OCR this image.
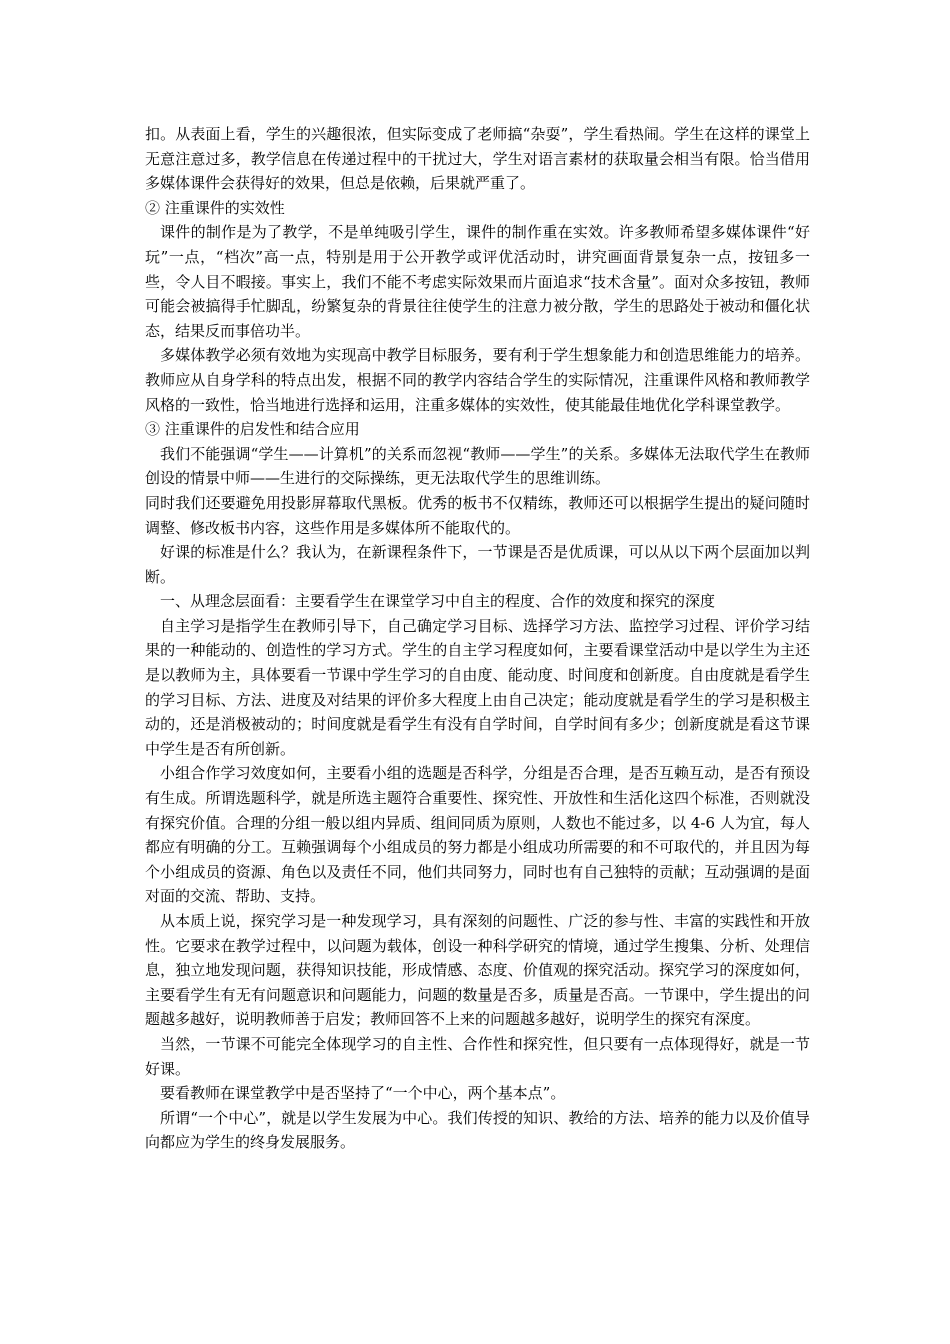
扣。从表面上看，学生的兴趣很浓，但实际变成了老师搞“杂耍”，学生看热闹。学生在这样的课堂上无意注意过多，教学信息在传递过程中的干扰过大，学生对语言素材的获取量会相当有限。恰当借用多媒体课件会获得好的效果，但总是依赖，后果就严重了。

② 注重课件的实效性

课件的制作是为了教学，不是单纯吸引学生，课件的制作重在实效。许多教师希望多媒体课件“好玩”一点，“档次”高一点，特别是用于公开教学或评优活动时，讲究画面背景复杂一点，按钮多一些，令人目不暇接。事实上，我们不能不考虑实际效果而片面追求“技术含量”。面对众多按钮，教师可能会被搞得手忙脚乱，纷繁复杂的背景往往使学生的注意力被分散，学生的思路处于被动和僵化状态，结果反而事倍功半。

多媒体教学必须有效地为实现高中教学目标服务，要有利于学生想象能力和创造思维能力的培养。教师应从自身学科的特点出发，根据不同的教学内容结合学生的实际情况，注重课件风格和教师教学风格的一致性，恰当地进行选择和运用，注重多媒体的实效性，使其能最佳地优化学科课堂教学。

③ 注重课件的启发性和结合应用

我们不能强调“学生——计算机”的关系而忽视“教师——学生”的关系。多媒体无法取代学生在教师创设的情景中师——生进行的交际操练，更无法取代学生的思维训练。

同时我们还要避免用投影屏幕取代黑板。优秀的板书不仅精练，教师还可以根据学生提出的疑问随时调整、修改板书内容，这些作用是多媒体所不能取代的。

好课的标准是什么？我认为，在新课程条件下，一节课是否是优质课，可以从以下两个层面加以判断。

一、从理念层面看：主要看学生在课堂学习中自主的程度、合作的效度和探究的深度

自主学习是指学生在教师引导下，自己确定学习目标、选择学习方法、监控学习过程、评价学习结果的一种能动的、创造性的学习方式。学生的自主学习程度如何，主要看课堂活动中是以学生为主还是以教师为主，具体要看一节课中学生学习的自由度、能动度、时间度和创新度。自由度就是看学生的学习目标、方法、进度及对结果的评价多大程度上由自己决定；能动度就是看学生的学习是积极主动的，还是消极被动的；时间度就是看学生有没有自学时间，自学时间有多少；创新度就是看这节课中学生是否有所创新。

小组合作学习效度如何，主要看小组的选题是否科学，分组是否合理，是否互赖互动，是否有预设有生成。所谓选题科学，就是所选主题符合重要性、探究性、开放性和生活化这四个标准，否则就没有探究价值。合理的分组一般以组内异质、组间同质为原则，人数也不能过多，以 4-6 人为宜，每人都应有明确的分工。互赖强调每个小组成员的努力都是小组成功所需要的和不可取代的，并且因为每个小组成员的资源、角色以及责任不同，他们共同努力，同时也有自己独特的贡献；互动强调的是面对面的交流、帮助、支持。

从本质上说，探究学习是一种发现学习，具有深刻的问题性、广泛的参与性、丰富的实践性和开放性。它要求在教学过程中，以问题为载体，创设一种科学研究的情境，通过学生搜集、分析、处理信息，独立地发现问题，获得知识技能，形成情感、态度、价值观的探究活动。探究学习的深度如何，主要看学生有无有问题意识和问题能力，问题的数量是否多，质量是否高。一节课中，学生提出的问题越多越好，说明教师善于启发；教师回答不上来的问题越多越好，说明学生的探究有深度。

当然，一节课不可能完全体现学习的自主性、合作性和探究性，但只要有一点体现得好，就是一节好课。

要看教师在课堂教学中是否坚持了“一个中心，两个基本点”。

所谓“一个中心”，就是以学生发展为中心。我们传授的知识、教给的方法、培养的能力以及价值导向都应为学生的终身发展服务。
